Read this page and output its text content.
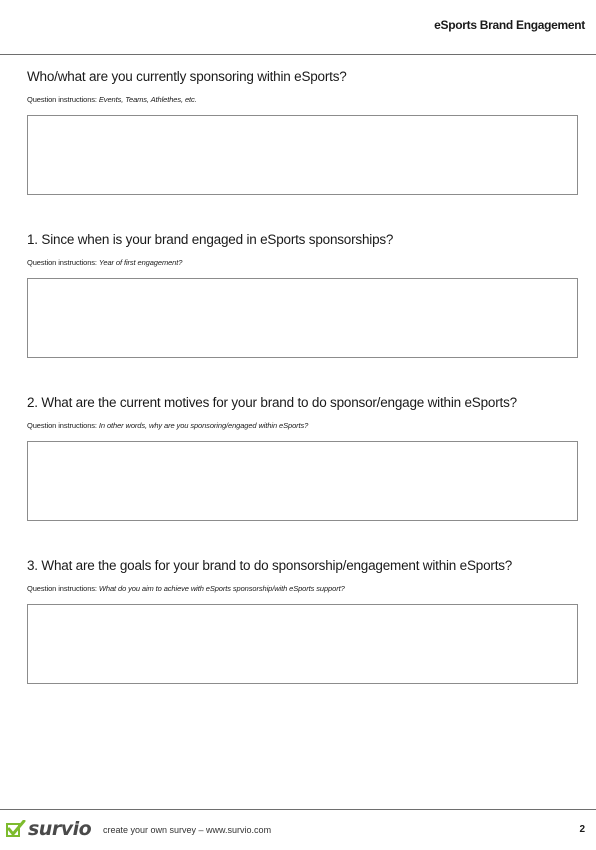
eSports Brand Engagement
Who/what are you currently sponsoring within eSports?
Question instructions: Events, Teams, Athlethes, etc.
1. Since when is your brand engaged in eSports sponsorships?
Question instructions: Year of first engagement?
2. What are the current motives for your brand to do sponsor/engage within eSports?
Question instructions: In other words, why are you sponsoring/engaged within eSports?
3. What are the goals for your brand to do sponsorship/engagement within eSports?
Question instructions: What do you aim to achieve with eSports sponsorship/with eSports support?
survio create your own survey – www.survio.com	2
